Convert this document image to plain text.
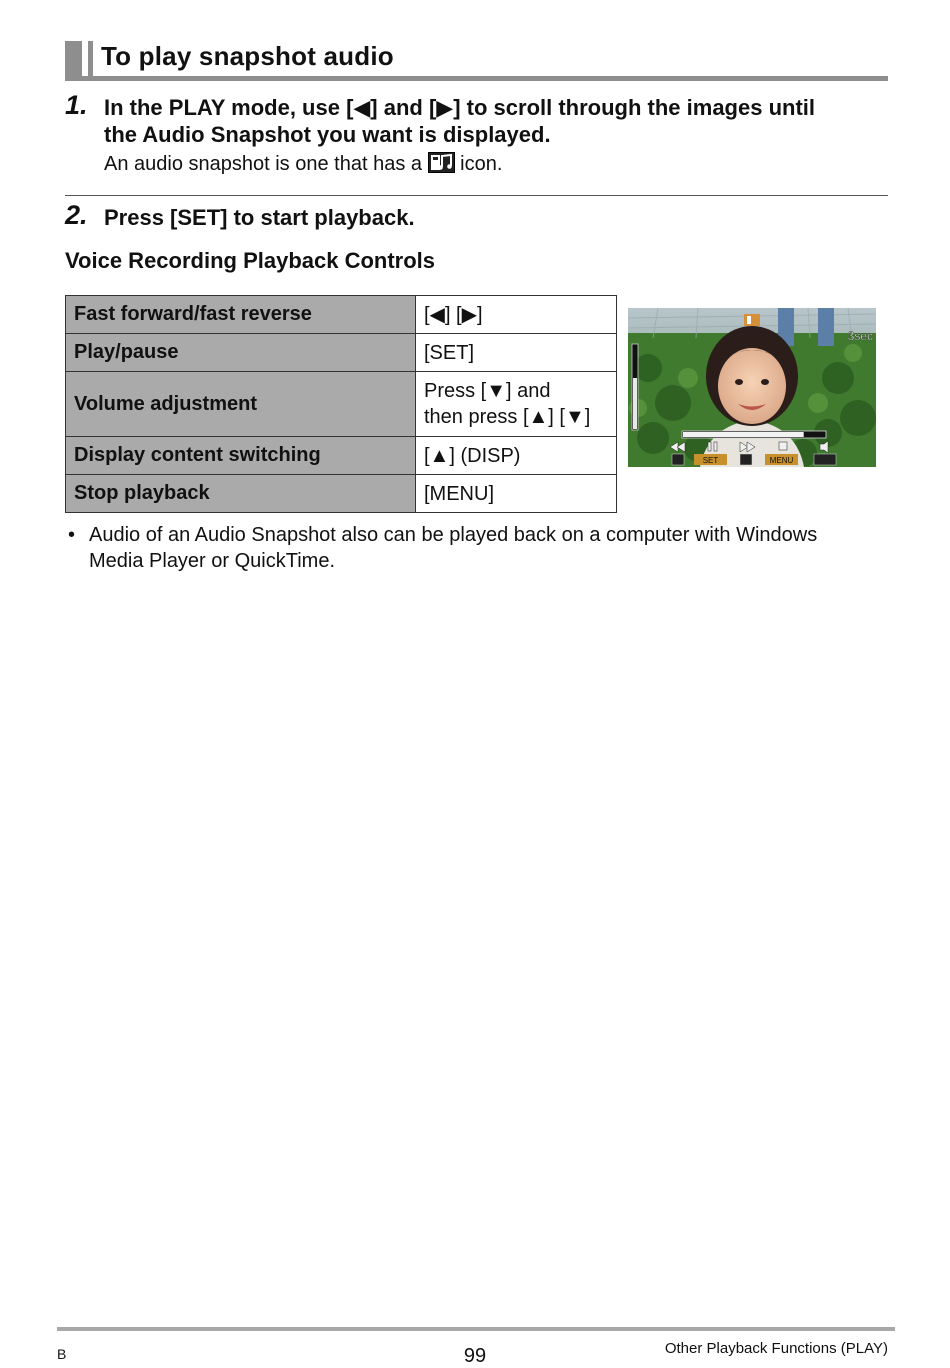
To play snapshot audio
1. In the PLAY mode, use [◀] and [▶] to scroll through the images until
the Audio Snapshot you want is displayed.
An audio snapshot is one that has a icon.
2. Press [SET] to start playback.
Voice Recording Playback Controls
Fast forward/fast reverse	[◀] [▶]
Play/pause	[SET]
Volume adjustment	Press [▼] and
then press [▲] [▼]

Display content switching	[▲] (DISP)
Stop playback	[MENU]
3sec
SET	MENU
• Audio of an Audio Snapshot also can be played back on a computer with Windows
Media Player or QuickTime.
B	99	Other Playback Functions (PLAY)
